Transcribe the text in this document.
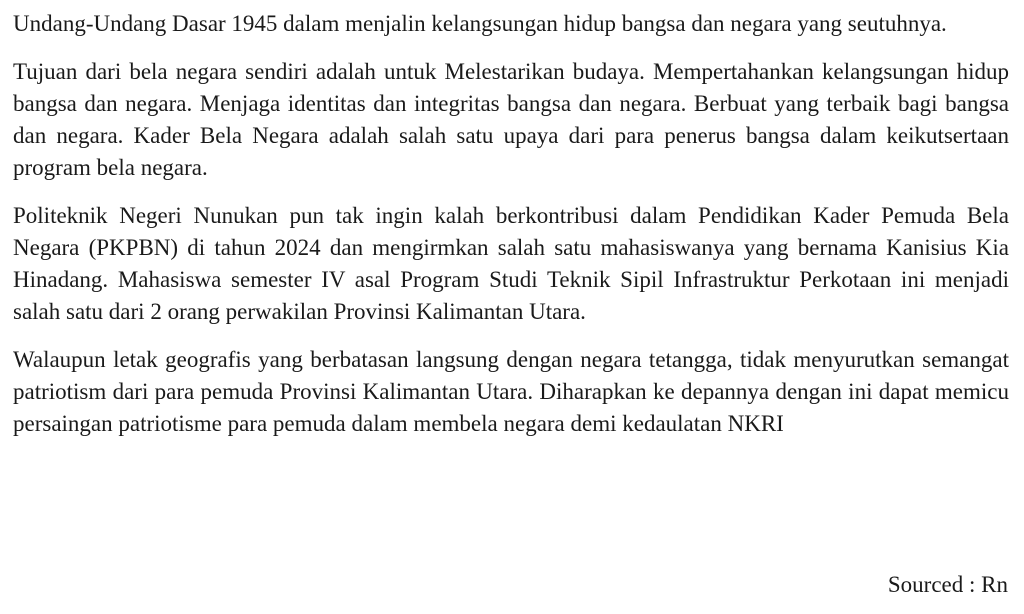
Undang-Undang Dasar 1945 dalam menjalin kelangsungan hidup bangsa dan negara yang seutuhnya.

Tujuan dari bela negara sendiri adalah untuk Melestarikan budaya. Mempertahankan kelangsungan hidup bangsa dan negara. Menjaga identitas dan integritas bangsa dan negara. Berbuat yang terbaik bagi bangsa dan negara. Kader Bela Negara adalah salah satu upaya dari para penerus bangsa dalam keikutsertaan program bela negara.

Politeknik Negeri Nunukan pun tak ingin kalah berkontribusi dalam Pendidikan Kader Pemuda Bela Negara (PKPBN) di tahun 2024 dan mengirmkan salah satu mahasiswanya yang bernama Kanisius Kia Hinadang. Mahasiswa semester IV asal Program Studi Teknik Sipil Infrastruktur Perkotaan ini menjadi salah satu dari 2 orang perwakilan Provinsi Kalimantan Utara.

Walaupun letak geografis yang berbatasan langsung dengan negara tetangga, tidak menyurutkan semangat patriotism dari para pemuda Provinsi Kalimantan Utara. Diharapkan ke depannya dengan ini dapat memicu persaingan patriotisme para pemuda dalam membela negara demi kedaulatan NKRI

Sourced : Rn
